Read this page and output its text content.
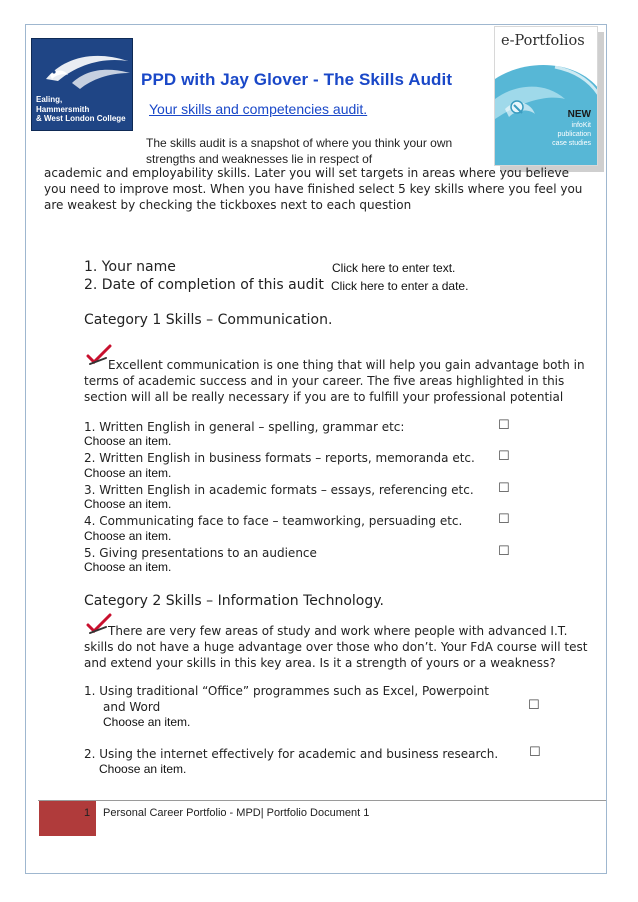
Ealing,
Hammersmith
& West London College
e-Portfolios
NEW
infoKit
publication
case studies
PPD with Jay Glover - The Skills Audit
Your skills and competencies audit.
The skills audit is a snapshot of where you think your own strengths and weaknesses lie in respect of
academic and employability skills. Later you will set targets in areas where you believe you need to improve most. When you have finished select 5 key skills where you feel you are weakest by checking the tickboxes next to each question
1. Your name	Click here to enter text.
2. Date of completion of this audit Click here to enter a date.
Category 1 Skills – Communication.
Excellent communication is one thing that will help you gain advantage both in terms of academic success and in your career. The five areas highlighted in this section will all be really necessary if you are to fulfill your professional potential
1. Written English in general – spelling, grammar etc:	☐
Choose an item.
2. Written English in business formats – reports, memoranda etc. ☐
Choose an item.
3. Written English in academic formats – essays, referencing etc. ☐
Choose an item.
4. Communicating face to face – teamworking, persuading etc.	☐
Choose an item.
5. Giving presentations to an audience	☐
Choose an item.
Category 2 Skills – Information Technology.
There are very few areas of study and work where people with advanced I.T. skills do not have a huge advantage over those who don’t. Your FdA course will test and extend your skills in this key area. Is it a strength of yours or a weakness?
1. Using traditional “Office” programmes such as Excel, Powerpoint
and Word	☐
Choose an item.
2. Using the internet effectively for academic and business research. ☐
Choose an item.
1 Personal Career Portfolio - MPD| Portfolio Document 1
